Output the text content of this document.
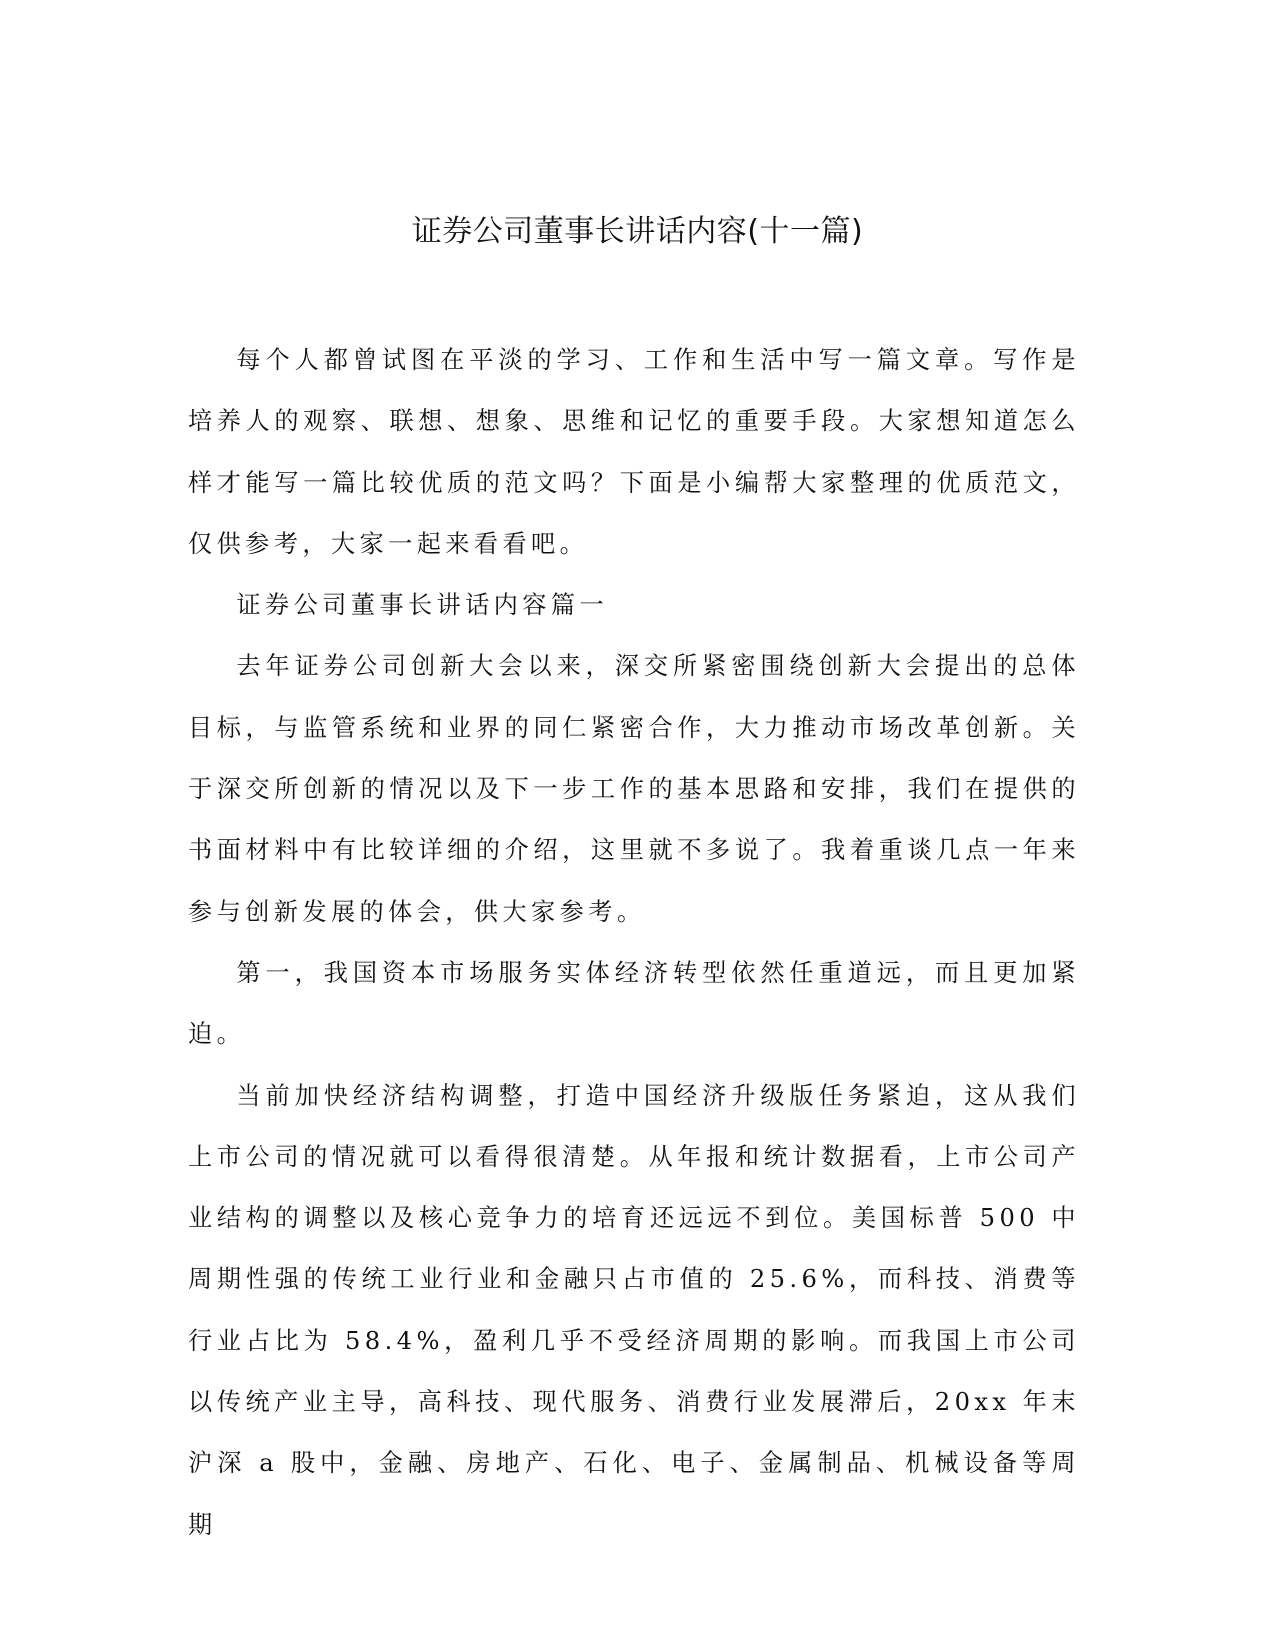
证券公司董事长讲话内容(十一篇)

每个人都曾试图在平淡的学习、工作和生活中写一篇文章。写作是培养人的观察、联想、想象、思维和记忆的重要手段。大家想知道怎么样才能写一篇比较优质的范文吗？下面是小编帮大家整理的优质范文，仅供参考，大家一起来看看吧。

证券公司董事长讲话内容篇一

去年证券公司创新大会以来，深交所紧密围绕创新大会提出的总体目标，与监管系统和业界的同仁紧密合作，大力推动市场改革创新。关于深交所创新的情况以及下一步工作的基本思路和安排，我们在提供的书面材料中有比较详细的介绍，这里就不多说了。我着重谈几点一年来参与创新发展的体会，供大家参考。

第一，我国资本市场服务实体经济转型依然任重道远，而且更加紧迫。

当前加快经济结构调整，打造中国经济升级版任务紧迫，这从我们上市公司的情况就可以看得很清楚。从年报和统计数据看，上市公司产业结构的调整以及核心竞争力的培育还远远不到位。美国标普 500 中周期性强的传统工业行业和金融只占市值的 25.6%，而科技、消费等行业占比为 58.4%，盈利几乎不受经济周期的影响。而我国上市公司以传统产业主导，高科技、现代服务、消费行业发展滞后，20xx 年末沪深 a 股中，金融、房地产、石化、电子、金属制品、机械设备等周期
